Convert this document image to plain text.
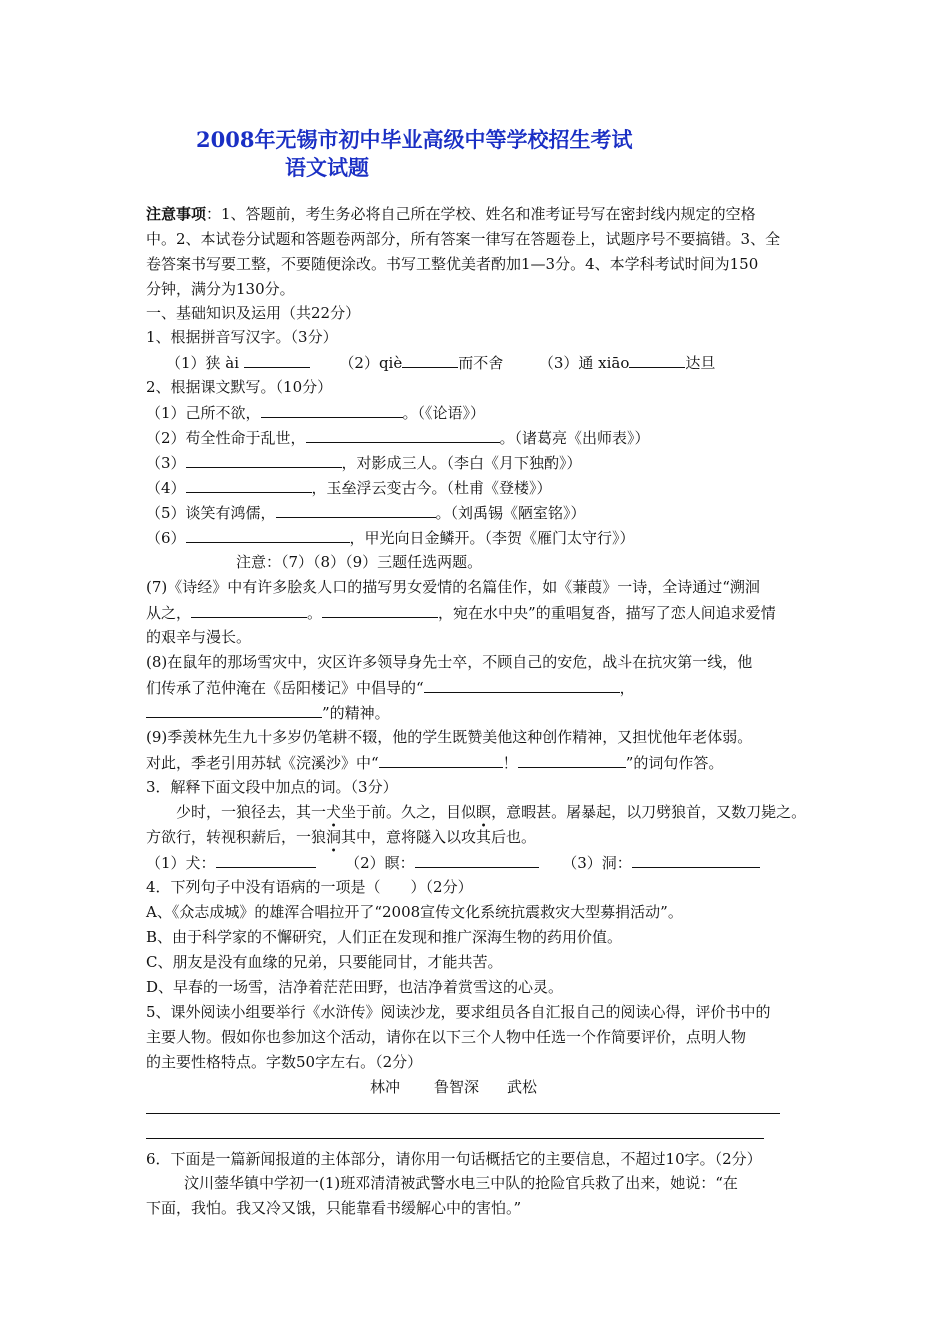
2008年无锡市初中毕业高级中等学校招生考试
语文试题
注意事项：1、答题前，考生务必将自己所在学校、姓名和准考证号写在密封线内规定的空格
中。2、本试卷分试题和答题卷两部分，所有答案一律写在答题卷上，试题序号不要搞错。3、全
卷答案书写要工整，不要随便涂改。书写工整优美者酌加1—3分。4、本学科考试时间为150
分钟，满分为130分。
一、基础知识及运用（共22分）
1、根据拼音写汉字。（3分）
（1）狭 ài	（2）qiè	而不舍 （3）通 xiāo	达旦
2、根据课文默写。（10分）
（1）己所不欲，	。（《论语》）
（2）苟全性命于乱世，	。（诸葛亮《出师表》）
（3）	，对影成三人。（李白《月下独酌》）
（4）	，玉垒浮云变古今。（杜甫《登楼》）
（5）谈笑有鸿儒，	。（刘禹锡《陋室铭》）
（6）	，甲光向日金鳞开。（李贺《雁门太守行》）
注意：（7）（8）（9）三题任选两题。
(7)《诗经》中有许多脍炙人口的描写男女爱情的名篇佳作，如《蒹葭》一诗，全诗通过“溯洄
从之，	。	，宛在水中央”的重唱复沓，描写了恋人间追求爱情
的艰辛与漫长。
(8)在鼠年的那场雪灾中，灾区许多领导身先士卒，不顾自己的安危，战斗在抗灾第一线，他
们传承了范仲淹在《岳阳楼记》中倡导的“	，
”的精神。
(9)季羡林先生九十多岁仍笔耕不辍，他的学生既赞美他这种创作精神，又担忧他年老体弱。
对此，季老引用苏轼《浣溪沙》中“	！	”的词句作答。
3．解释下面文段中加点的词。（3分）
少时，一狼径去，其一犬坐于前。久之，目似瞑，意暇甚。屠暴起，以刀劈狼首，又数刀毙之。
方欲行，转视积薪后，一狼洞其中，意将隧入以攻其后也。
（1）犬：	（2）瞑：	（3）洞：
4．下列句子中没有语病的一项是（　　）（2分）
A、《众志成城》的雄浑合唱拉开了“2008宣传文化系统抗震救灾大型募捐活动”。
B、由于科学家的不懈研究，人们正在发现和推广深海生物的药用价值。
C、朋友是没有血缘的兄弟，只要能同甘，才能共苦。
D、早春的一场雪，洁净着茫茫田野，也洁净着赏雪这的心灵。
5、课外阅读小组要举行《水浒传》阅读沙龙，要求组员各自汇报自己的阅读心得，评价书中的
主要人物。假如你也参加这个活动，请你在以下三个人物中任选一个作简要评价，点明人物
的主要性格特点。字数50字左右。（2分）
林冲 鲁智深 武松
6．下面是一篇新闻报道的主体部分，请你用一句话概括它的主要信息，不超过10字。（2分）
汶川蓥华镇中学初一(1)班邓清清被武警水电三中队的抢险官兵救了出来，她说：“在
下面，我怕。我又冷又饿，只能靠看书缓解心中的害怕。”
